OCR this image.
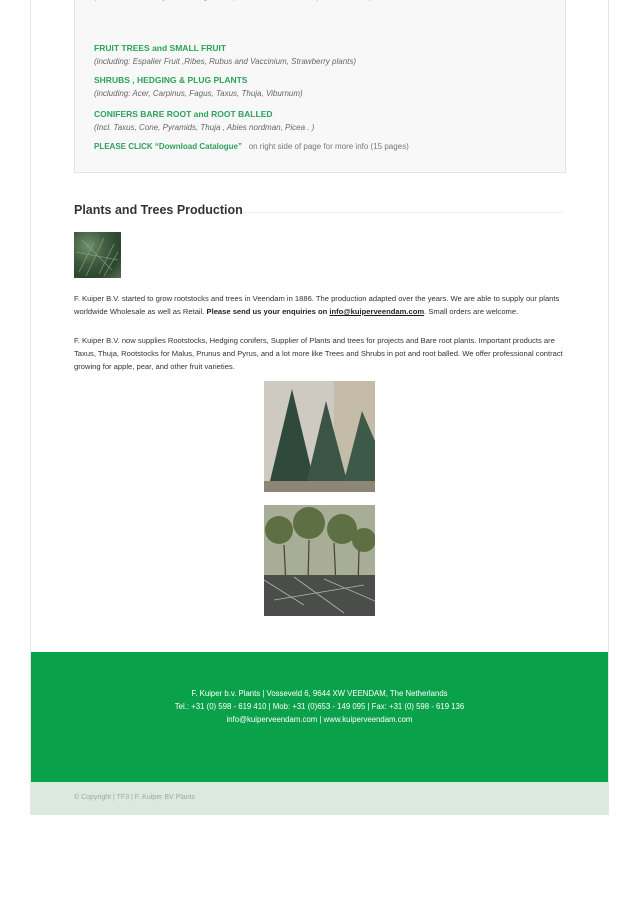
FRUIT TREES and SMALL FRUIT
(including: Espalier Fruit ,Ribes, Rubus and Vaccinium, Strawberry plants)
SHRUBS , HEDGING & PLUG PLANTS
(including: Acer, Carpinus, Fagus, Taxus, Thuja, Viburnum)
CONIFERS BARE ROOT and ROOT BALLED
(Incl. Taxus, Cone, Pyramids, Thuja , Abies nordman, Picea . )
PLEASE CLICK “Download Catalogue” on right side of page for more info (15 pages)
Plants and Trees Production
F. Kuiper B.V. started to grow rootstocks and trees in Veendam in 1886. The production adapted over the years. We are able to supply our plants worldwide Wholesale as well as Retail. Please send us your enquiries on info@kuiperveendam.com. Small orders are welcome.
F. Kuiper B.V. now supplies Rootstocks, Hedging conifers, Supplier of Plants and trees for projects and Bare root plants. Important products are Taxus, Thuja, Rootstocks for Malus, Prunus and Pyrus, and a lot more like Trees and Shrubs in pot and root balled. We offer professional contract growing for apple, pear, and other fruit varieties.
F. Kuiper b.v. Plants | Vosseveld 6, 9644 XW VEENDAM, The Netherlands
Tel.: +31 (0) 598 - 619 410 | Mob: +31 (0)653 - 149 095 | Fax: +31 (0) 598 - 619 136
info@kuiperveendam.com | www.kuiperveendam.com
© Copyright | TF3 | F. Kuiper BV Plants
